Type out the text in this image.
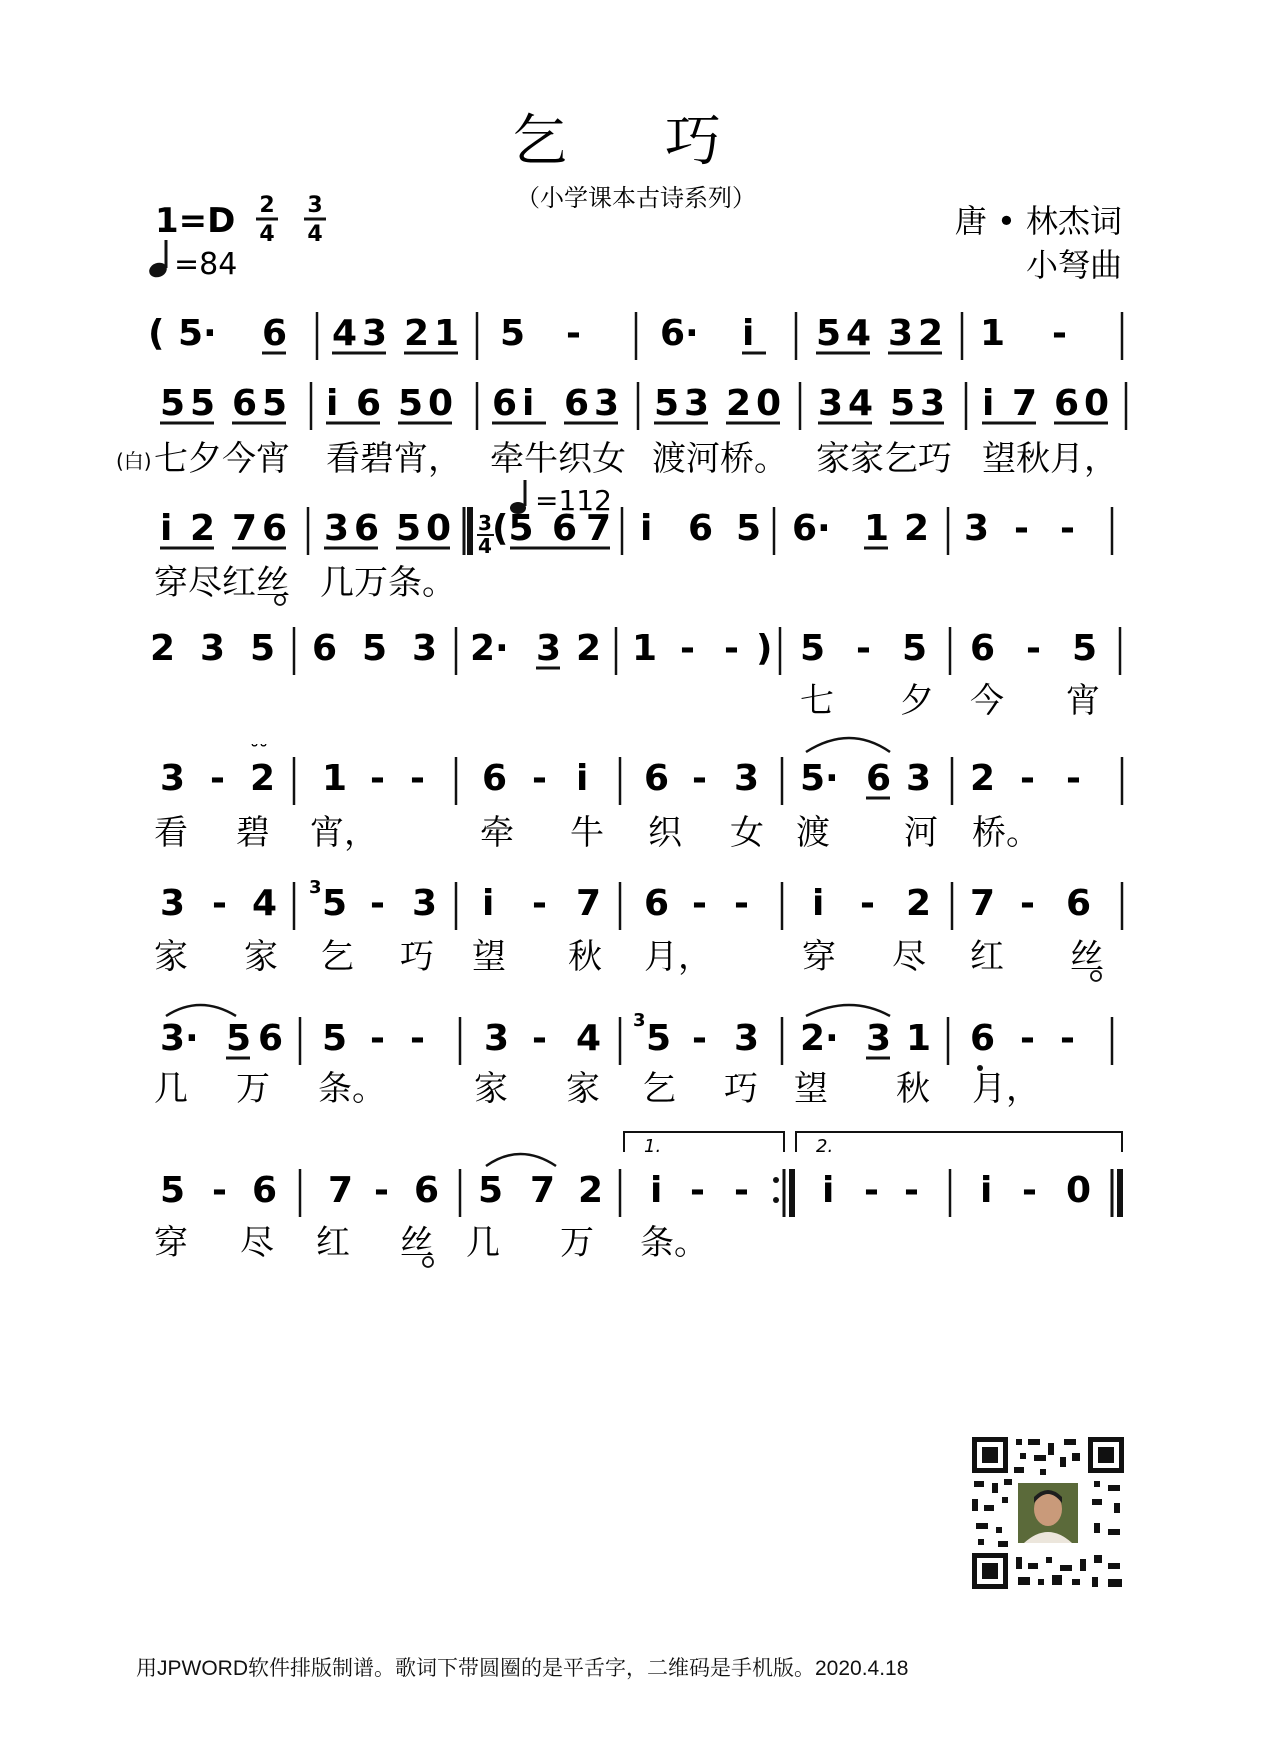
乞 巧
（小学课本古诗系列）
1=D 2
4
3
4
=84
唐 • 林杰词
小弩曲
( 5· 6 4 3 2 1 5 - 6· i 5 4 3 2 1 -
5 5 6 5 i 6 5 0 6 i 6 3 5 3 2 0 3 4 5 3 i 7 6 0
(白) 七夕今宵 看碧宵， 牵牛织女 渡河桥。 家家乞巧 望秋月，
i 2 7 6 3 6 5 0
=112
3
4 (5 6 7 i 6 5 6· 1 2 3 - -
穿尽红丝 几万条。
2 3 5 6 5 3 2· 3 2 1 - - ) 5 - 5 6 - 5
七 夕 今 宵
3 - 2
˘˘
1 - - 6 - i 6 - 3 5· 6 3 2 - -
看 碧 宵，	牵 牛 织 女 渡 河 桥。
3 - 4 3 5 - 3 i - 7 6 - - i - 2 7 - 6
家 家 乞 巧 望 秋 月，	穿 尽 红 丝
3· 5 6 5 - - 3 - 4 3 5 - 3 2· 3 1 6 - -
几 万 条。	家 家 乞 巧 望 秋 月，
1.	2.
5 - 6 7 - 6 5 7 2 i - - i - - i - 0
穿 尽 红 丝 几 万 条。
用JPWORD软件排版制谱。歌词下带圆圈的是平舌字，二维码是手机版。2020.4.18
